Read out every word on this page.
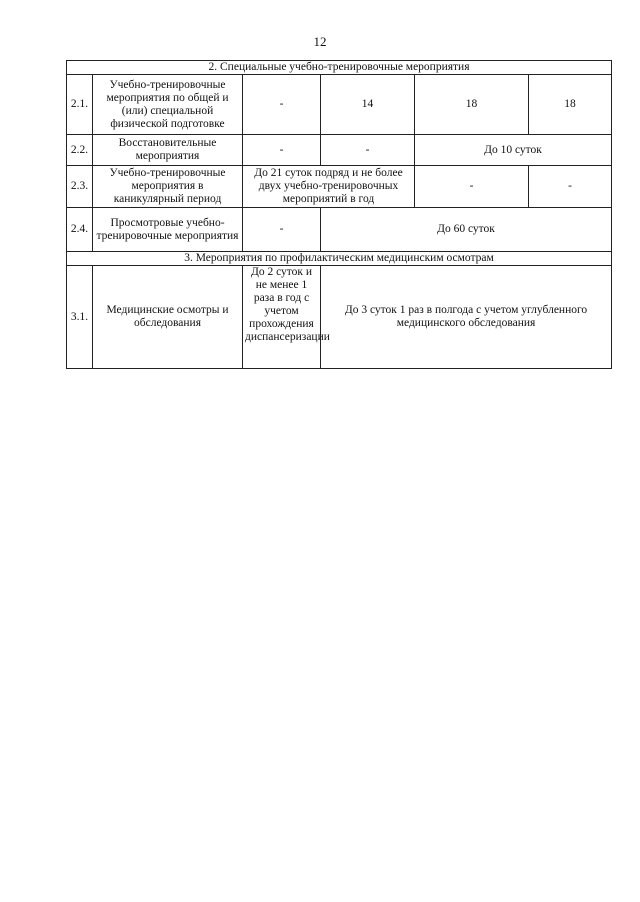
12
2. Специальные учебно-тренировочные мероприятия					
2.1.	Учебно-тренировочные мероприятия по общей и (или) специальной физической подготовке	-	14	18	18
2.2.	Восстановительные мероприятия	-	-	До 10 суток	
2.3.	Учебно-тренировочные мероприятия в каникулярный период	До 21 суток подряд и не более двух учебно-тренировочных мероприятий в год		-	-
2.4.	Просмотровые учебно-тренировочные мероприятия	-	До 60 суток		
3. Мероприятия по профилактическим медицинским осмотрам					
3.1.	Медицинские осмотры и обследования	До 2 суток и не менее 1 раза в год с учетом прохождения диспансеризации	До 3 суток 1 раз в полгода с учетом углубленного медицинского обследования		
